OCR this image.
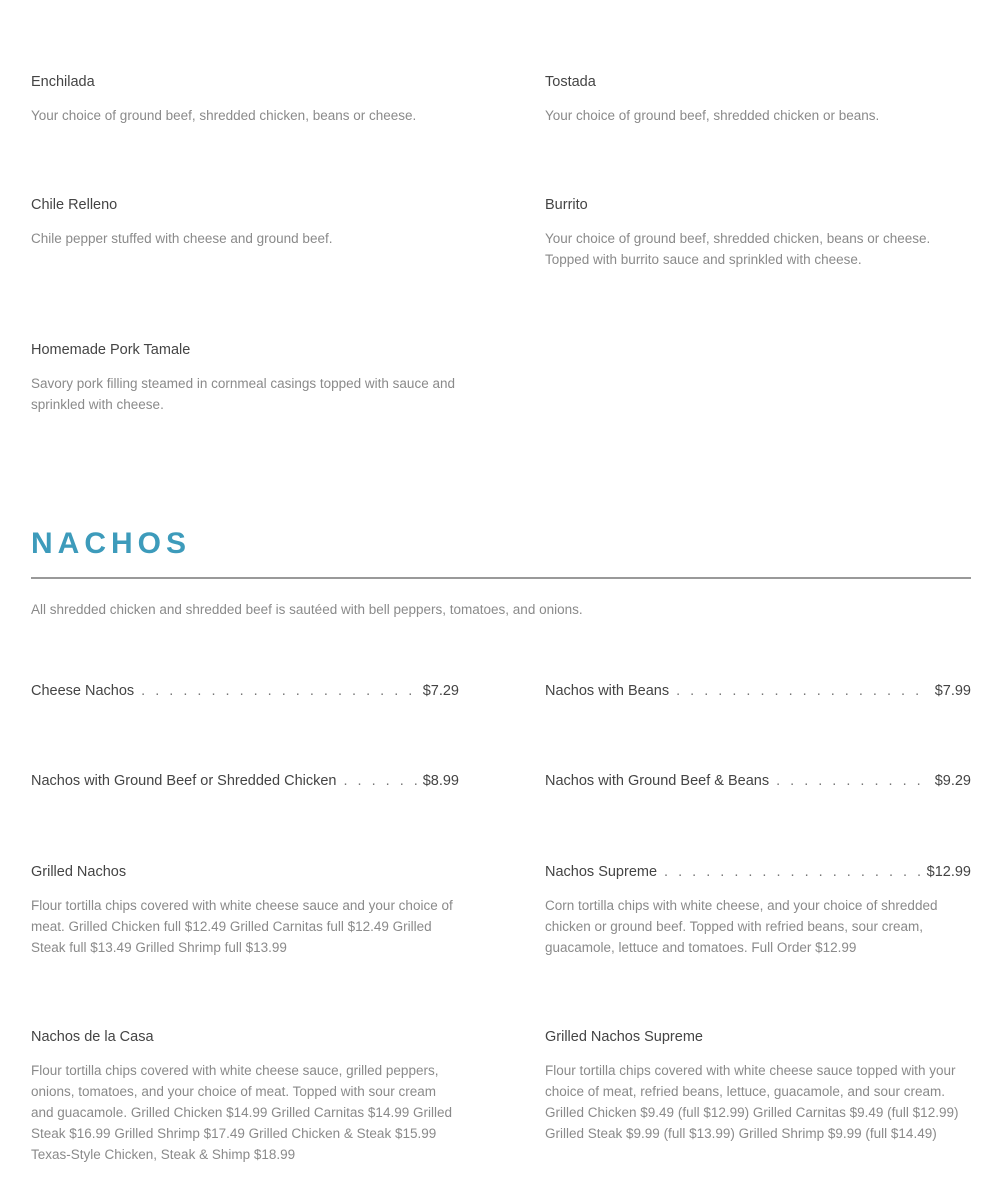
Enchilada
Your choice of ground beef, shredded chicken, beans or cheese.
Tostada
Your choice of ground beef, shredded chicken or beans.
Chile Relleno
Chile pepper stuffed with cheese and ground beef.
Burrito
Your choice of ground beef, shredded chicken, beans or cheese. Topped with burrito sauce and sprinkled with cheese.
Homemade Pork Tamale
Savory pork filling steamed in cornmeal casings topped with sauce and sprinkled with cheese.
NACHOS
All shredded chicken and shredded beef is sautéed with bell peppers, tomatoes, and onions.
Cheese Nachos . . .	$7.29	Nachos with Beans . . .	$7.99
Nachos with Ground Beef or Shredded Chicken . . .	$8.99	Nachos with Ground Beef & Beans . . .	$9.29
Grilled Nachos
Flour tortilla chips covered with white cheese sauce and your choice of meat. Grilled Chicken full $12.49 Grilled Carnitas full $12.49 Grilled Steak full $13.49 Grilled Shrimp full $13.99
Nachos Supreme . . .	$12.99
Corn tortilla chips with white cheese, and your choice of shredded chicken or ground beef. Topped with refried beans, sour cream, guacamole, lettuce and tomatoes. Full Order $12.99
Nachos de la Casa
Flour tortilla chips covered with white cheese sauce, grilled peppers, onions, tomatoes, and your choice of meat. Topped with sour cream and guacamole. Grilled Chicken $14.99 Grilled Carnitas $14.99 Grilled Steak $16.99 Grilled Shrimp $17.49 Grilled Chicken & Steak $15.99 Texas-Style Chicken, Steak & Shimp $18.99
Grilled Nachos Supreme
Flour tortilla chips covered with white cheese sauce topped with your choice of meat, refried beans, lettuce, guacamole, and sour cream. Grilled Chicken $9.49 (full $12.99) Grilled Carnitas $9.49 (full $12.99) Grilled Steak $9.99 (full $13.99) Grilled Shrimp $9.99 (full $14.49)
